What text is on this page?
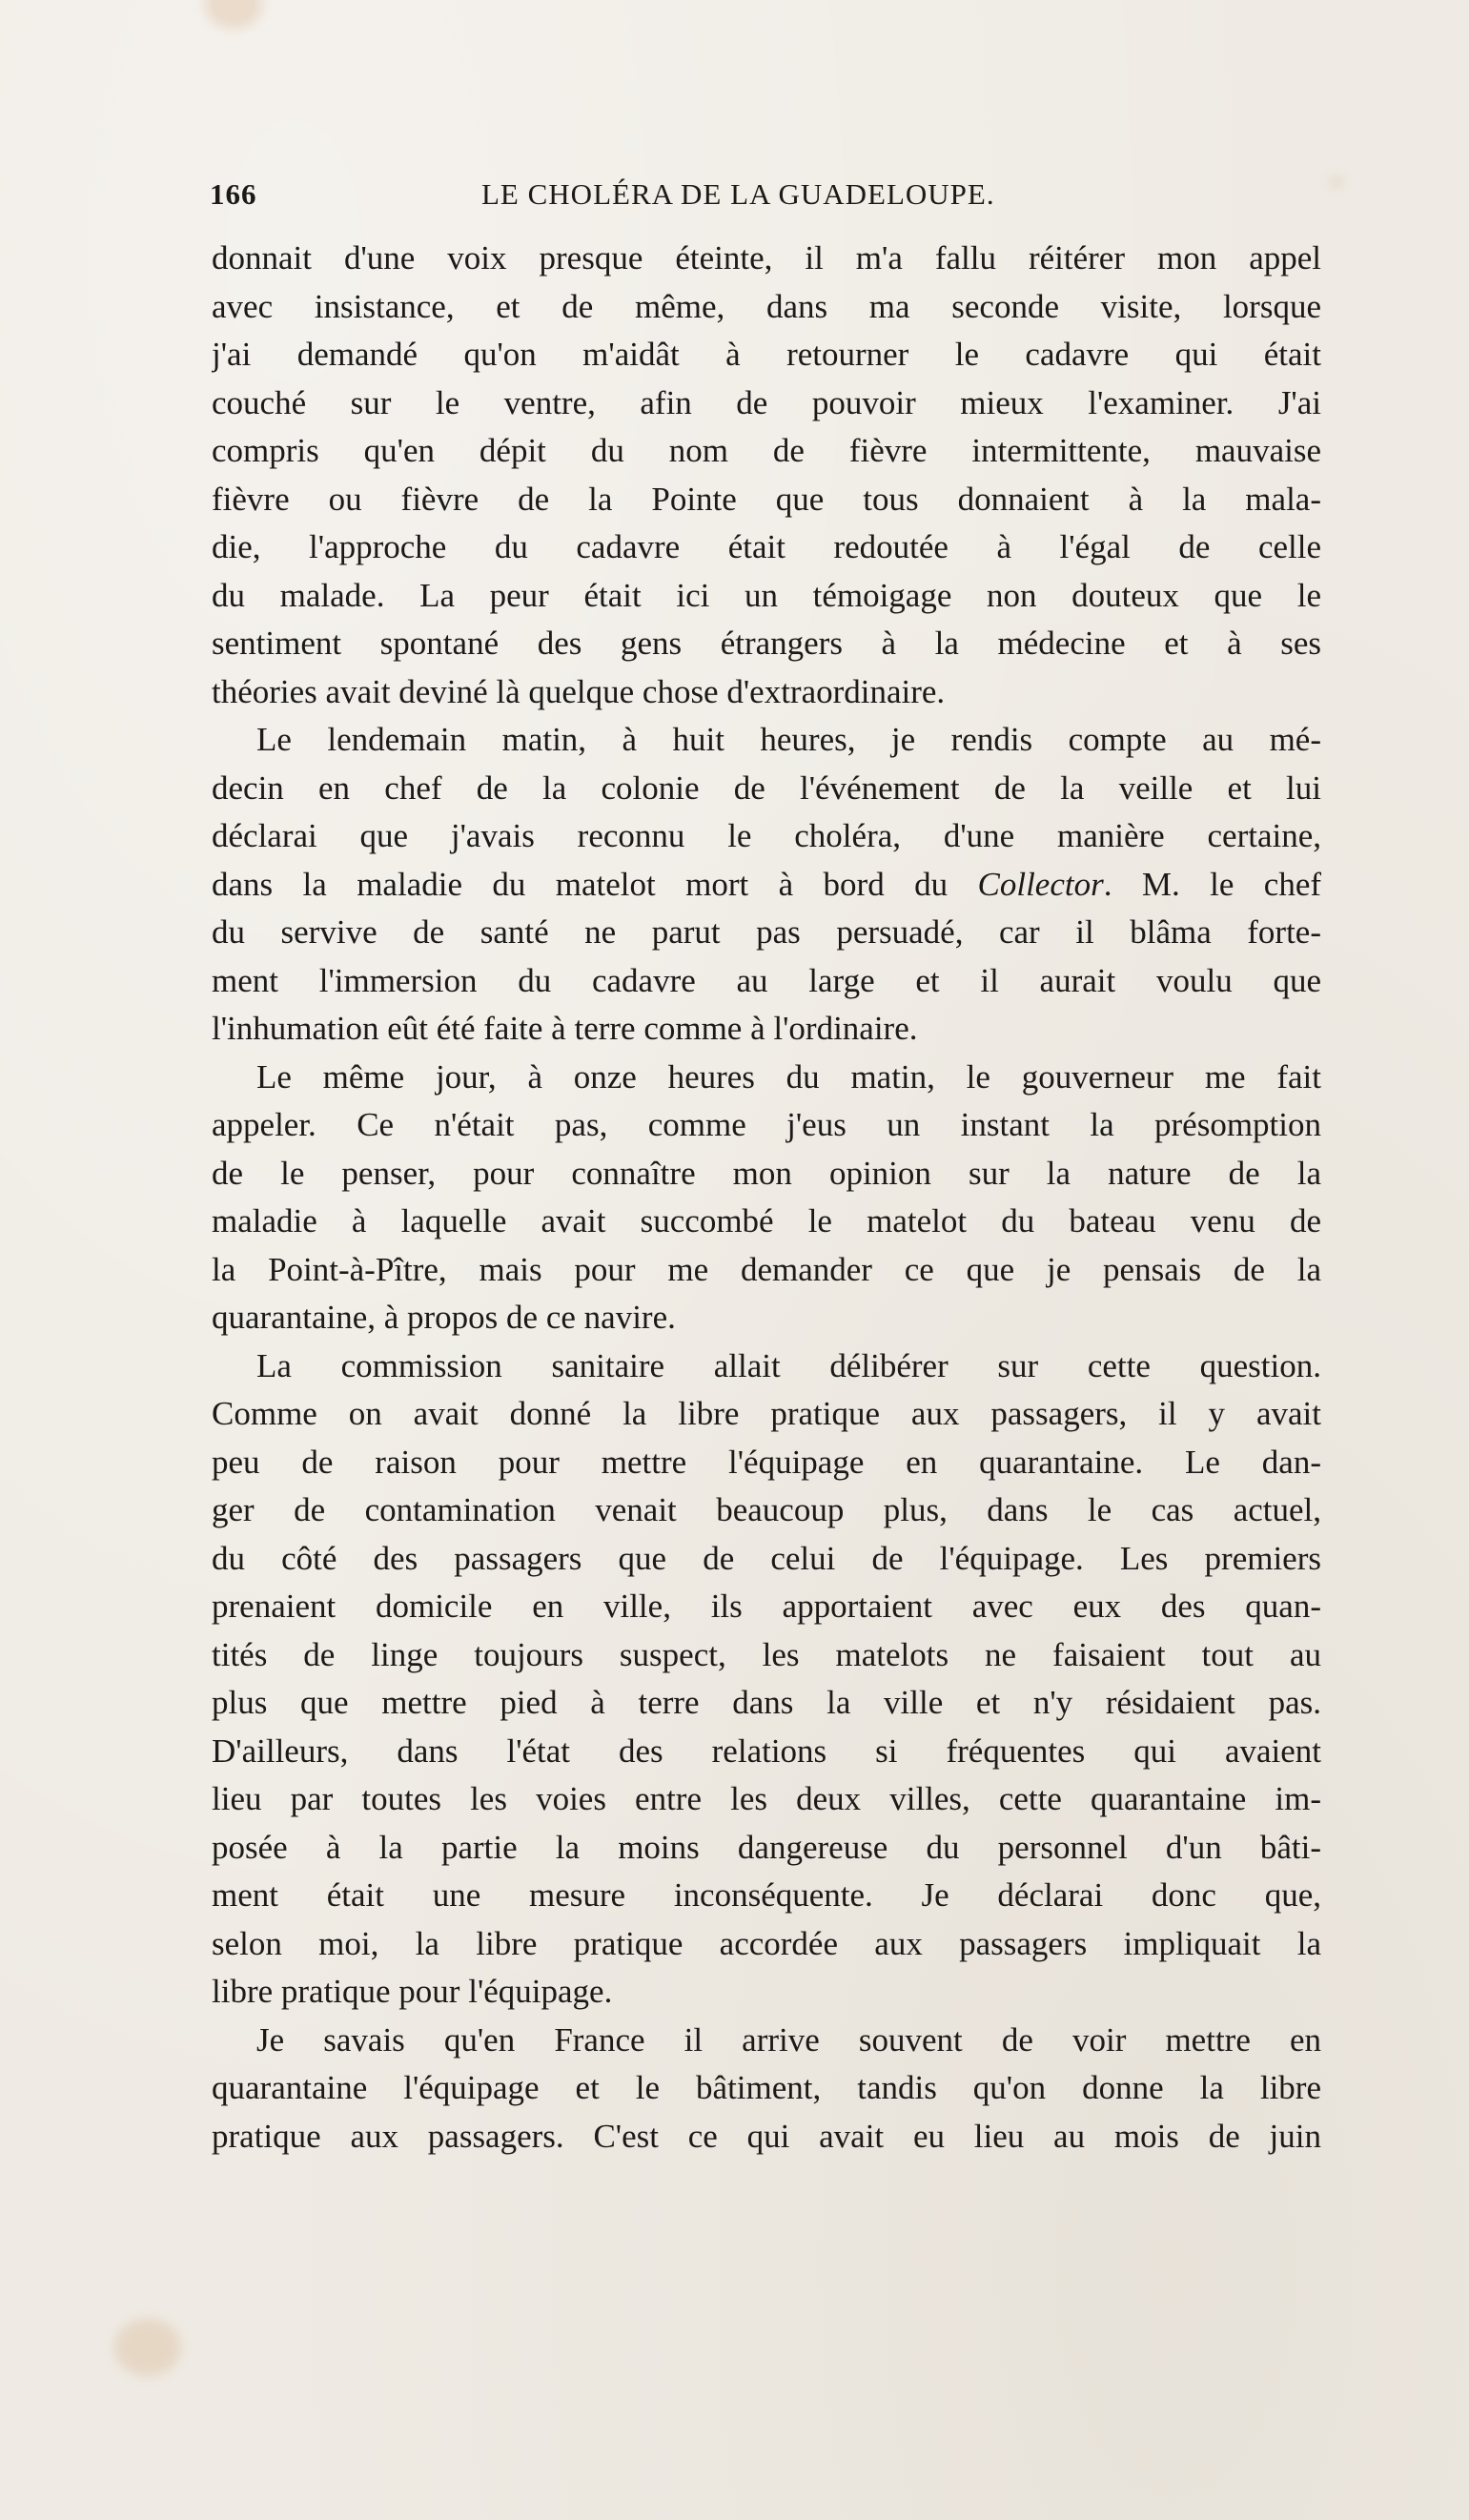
166	LE CHOLÉRA DE LA GUADELOUPE.
donnait d'une voix presque éteinte, il m'a fallu réitérer mon appel
avec insistance, et de même, dans ma seconde visite, lorsque
j'ai demandé qu'on m'aidât à retourner le cadavre qui était
couché sur le ventre, afin de pouvoir mieux l'examiner. J'ai
compris qu'en dépit du nom de fièvre intermittente, mauvaise
fièvre ou fièvre de la Pointe que tous donnaient à la mala-
die, l'approche du cadavre était redoutée à l'égal de celle
du malade. La peur était ici un témoigage non douteux que le
sentiment spontané des gens étrangers à la médecine et à ses
théories avait deviné là quelque chose d'extraordinaire.
Le lendemain matin, à huit heures, je rendis compte au mé-
decin en chef de la colonie de l'événement de la veille et lui
déclarai que j'avais reconnu le choléra, d'une manière certaine,
dans la maladie du matelot mort à bord du Collector. M. le chef
du servive de santé ne parut pas persuadé, car il blâma forte-
ment l'immersion du cadavre au large et il aurait voulu que
l'inhumation eût été faite à terre comme à l'ordinaire.
Le même jour, à onze heures du matin, le gouverneur me fait
appeler. Ce n'était pas, comme j'eus un instant la présomption
de le penser, pour connaître mon opinion sur la nature de la
maladie à laquelle avait succombé le matelot du bateau venu de
la Point-à-Pître, mais pour me demander ce que je pensais de la
quarantaine, à propos de ce navire.
La commission sanitaire allait délibérer sur cette question.
Comme on avait donné la libre pratique aux passagers, il y avait
peu de raison pour mettre l'équipage en quarantaine. Le dan-
ger de contamination venait beaucoup plus, dans le cas actuel,
du côté des passagers que de celui de l'équipage. Les premiers
prenaient domicile en ville, ils apportaient avec eux des quan-
tités de linge toujours suspect, les matelots ne faisaient tout au
plus que mettre pied à terre dans la ville et n'y résidaient pas.
D'ailleurs, dans l'état des relations si fréquentes qui avaient
lieu par toutes les voies entre les deux villes, cette quarantaine im-
posée à la partie la moins dangereuse du personnel d'un bâti-
ment était une mesure inconséquente. Je déclarai donc que,
selon moi, la libre pratique accordée aux passagers impliquait la
libre pratique pour l'équipage.
Je savais qu'en France il arrive souvent de voir mettre en
quarantaine l'équipage et le bâtiment, tandis qu'on donne la libre
pratique aux passagers. C'est ce qui avait eu lieu au mois de juin
